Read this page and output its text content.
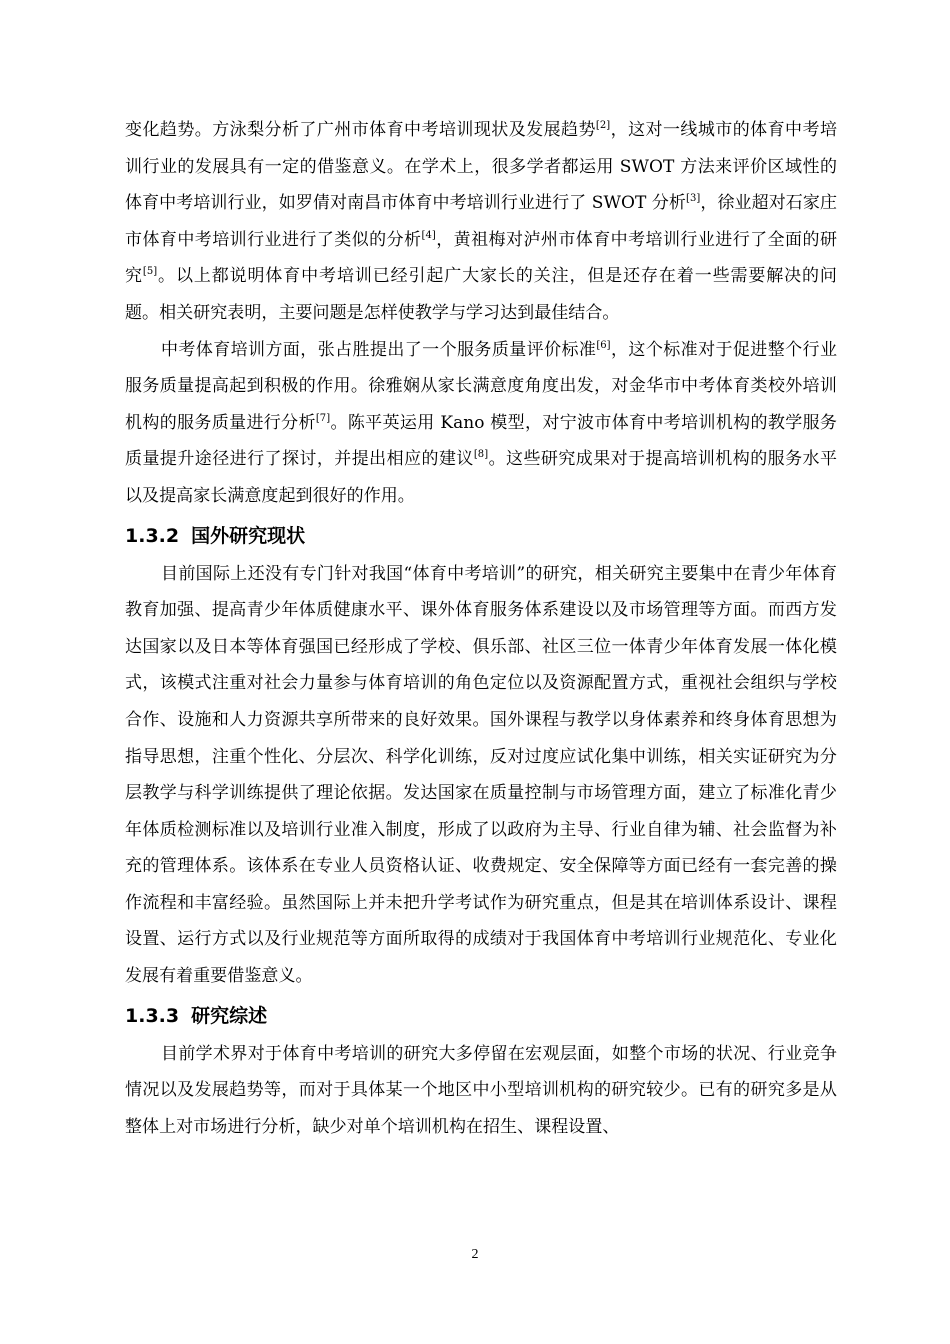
变化趋势。方泳梨分析了广州市体育中考培训现状及发展趋势[2]，这对一线城市的体育中考培训行业的发展具有一定的借鉴意义。在学术上，很多学者都运用 SWOT 方法来评价区域性的体育中考培训行业，如罗倩对南昌市体育中考培训行业进行了 SWOT 分析[3]，徐业超对石家庄市体育中考培训行业进行了类似的分析[4]，黄祖梅对泸州市体育中考培训行业进行了全面的研究[5]。以上都说明体育中考培训已经引起广大家长的关注，但是还存在着一些需要解决的问题。相关研究表明，主要问题是怎样使教学与学习达到最佳结合。

中考体育培训方面，张占胜提出了一个服务质量评价标准[6]，这个标准对于促进整个行业服务质量提高起到积极的作用。徐雅娴从家长满意度角度出发，对金华市中考体育类校外培训机构的服务质量进行分析[7]。陈平英运用 Kano 模型，对宁波市体育中考培训机构的教学服务质量提升途径进行了探讨，并提出相应的建议[8]。这些研究成果对于提高培训机构的服务水平以及提高家长满意度起到很好的作用。

1.3.2 国外研究现状

目前国际上还没有专门针对我国“体育中考培训”的研究，相关研究主要集中在青少年体育教育加强、提高青少年体质健康水平、课外体育服务体系建设以及市场管理等方面。而西方发达国家以及日本等体育强国已经形成了学校、俱乐部、社区三位一体青少年体育发展一体化模式，该模式注重对社会力量参与体育培训的角色定位以及资源配置方式，重视社会组织与学校合作、设施和人力资源共享所带来的良好效果。国外课程与教学以身体素养和终身体育思想为指导思想，注重个性化、分层次、科学化训练，反对过度应试化集中训练，相关实证研究为分层教学与科学训练提供了理论依据。发达国家在质量控制与市场管理方面，建立了标准化青少年体质检测标准以及培训行业准入制度，形成了以政府为主导、行业自律为辅、社会监督为补充的管理体系。该体系在专业人员资格认证、收费规定、安全保障等方面已经有一套完善的操作流程和丰富经验。虽然国际上并未把升学考试作为研究重点，但是其在培训体系设计、课程设置、运行方式以及行业规范等方面所取得的成绩对于我国体育中考培训行业规范化、专业化发展有着重要借鉴意义。

1.3.3 研究综述

目前学术界对于体育中考培训的研究大多停留在宏观层面，如整个市场的状况、行业竞争情况以及发展趋势等，而对于具体某一个地区中小型培训机构的研究较少。已有的研究多是从整体上对市场进行分析，缺少对单个培训机构在招生、课程设置、

2
